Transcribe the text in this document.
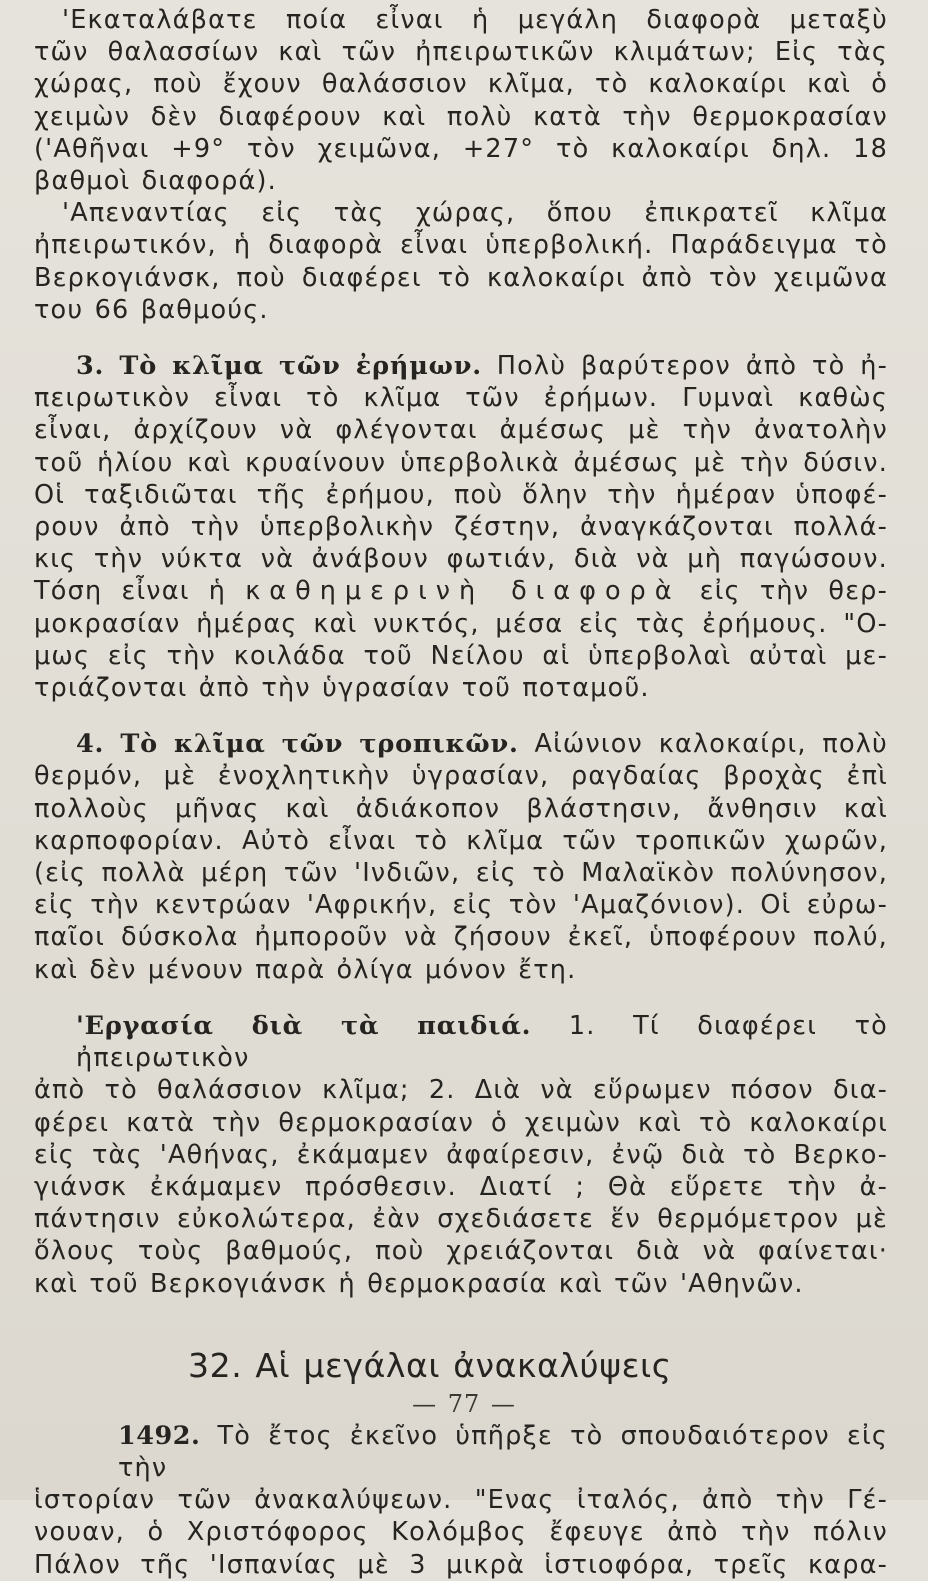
'Εκαταλάβατε ποία εἶναι ἡ μεγάλη διαφορὰ μεταξὺ
τῶν θαλασσίων καὶ τῶν ἠπειρωτικῶν κλιμάτων; Εἰς τὰς
χώρας, ποὺ ἔχουν θαλάσσιον κλῖμα, τὸ καλοκαίρι καὶ ὁ
χειμὼν δὲν διαφέρουν καὶ πολὺ κατὰ τὴν θερμοκρασίαν
('Αθῆναι +9° τὸν χειμῶνα, +27° τὸ καλοκαίρι δηλ. 18
βαθμοὶ διαφορά).
'Απεναντίας εἰς τὰς χώρας, ὅπου ἐπικρατεῖ κλῖμα
ἠπειρωτικόν, ἡ διαφορὰ εἶναι ὑπερβολική. Παράδειγμα τὸ
Βερκογιάνσκ, ποὺ διαφέρει τὸ καλοκαίρι ἀπὸ τὸν χειμῶνα
του 66 βαθμούς.
3. Τὸ κλῖμα τῶν ἐρήμων. Πολὺ βαρύτερον ἀπὸ τὸ ἠ-
πειρωτικὸν εἶναι τὸ κλῖμα τῶν ἐρήμων. Γυμναὶ καθὼς
εἶναι, ἀρχίζουν νὰ φλέγονται ἀμέσως μὲ τὴν ἀνατολὴν
τοῦ ἡλίου καὶ κρυαίνουν ὑπερβολικὰ ἀμέσως μὲ τὴν δύσιν.
Οἱ ταξιδιῶται τῆς ἐρήμου, ποὺ ὅλην τὴν ἡμέραν ὑποφέ-
ρουν ἀπὸ τὴν ὑπερβολικὴν ζέστην, ἀναγκάζονται πολλά-
κις τὴν νύκτα νὰ ἀνάβουν φωτιάν, διὰ νὰ μὴ παγώσουν.
Τόση εἶναι ἡ καθημερινὴ διαφορὰ εἰς τὴν θερ-
μοκρασίαν ἡμέρας καὶ νυκτός, μέσα εἰς τὰς ἐρήμους. "Ο-
μως εἰς τὴν κοιλάδα τοῦ Νείλου αἱ ὑπερβολαὶ αὐταὶ με-
τριάζονται ἀπὸ τὴν ὑγρασίαν τοῦ ποταμοῦ.
4. Τὸ κλῖμα τῶν τροπικῶν. Αἰώνιον καλοκαίρι, πολὺ
θερμόν, μὲ ἐνοχλητικὴν ὑγρασίαν, ραγδαίας βροχὰς ἐπὶ
πολλοὺς μῆνας καὶ ἀδιάκοπον βλάστησιν, ἄνθησιν καὶ
καρποφορίαν. Αὐτὸ εἶναι τὸ κλῖμα τῶν τροπικῶν χωρῶν,
(εἰς πολλὰ μέρη τῶν 'Ινδιῶν, εἰς τὸ Μαλαϊκὸν πολύνησον,
εἰς τὴν κεντρώαν 'Αφρικήν, εἰς τὸν 'Αμαζόνιον). Οἱ εὐρω-
παῖοι δύσκολα ἠμποροῦν νὰ ζήσουν ἐκεῖ, ὑποφέρουν πολύ,
καὶ δὲν μένουν παρὰ ὀλίγα μόνον ἔτη.
'Εργασία διὰ τὰ παιδιά. 1. Τί διαφέρει τὸ ἠπειρωτικὸν
ἀπὸ τὸ θαλάσσιον κλῖμα; 2. Διὰ νὰ εὕρωμεν πόσον δια-
φέρει κατὰ τὴν θερμοκρασίαν ὁ χειμὼν καὶ τὸ καλοκαίρι
εἰς τὰς 'Αθήνας, ἐκάμαμεν ἀφαίρεσιν, ἐνῷ διὰ τὸ Βερκο-
γιάνσκ ἐκάμαμεν πρόσθεσιν. Διατί ; Θὰ εὕρετε τὴν ἀ-
πάντησιν εὐκολώτερα, ἐὰν σχεδιάσετε ἕν θερμόμετρον μὲ
ὅλους τοὺς βαθμούς, ποὺ χρειάζονται διὰ νὰ φαίνεται·
καὶ τοῦ Βερκογιάνσκ ἡ θερμοκρασία καὶ τῶν 'Αθηνῶν.
32. Αἱ μεγάλαι ἀνακαλύψεις
1492. Τὸ ἔτος ἐκεῖνο ὑπῆρξε τὸ σπουδαιότερον εἰς τὴν
ἱστορίαν τῶν ἀνακαλύψεων. "Ενας ἰταλός, ἀπὸ τὴν Γέ-
νουαν, ὁ Χριστόφορος Κολόμβος ἔφευγε ἀπὸ τὴν πόλιν
Πάλον τῆς 'Ισπανίας μὲ 3 μικρὰ ἱστιοφόρα, τρεῖς καρα-
— 77 —
